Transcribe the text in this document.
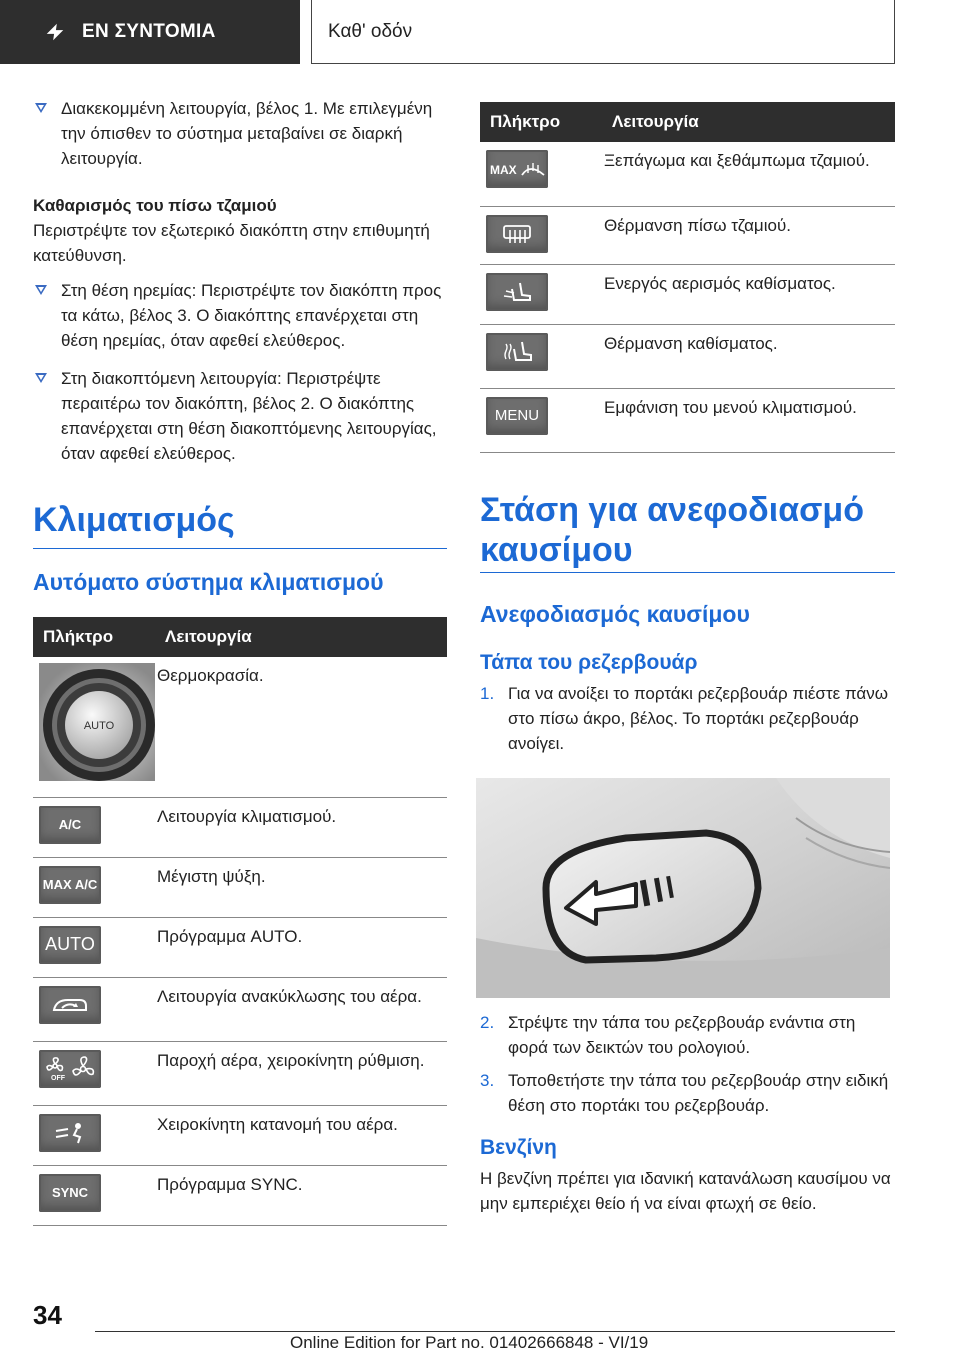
ΕΝ ΣΥΝΤΟΜΙΑ	Καθ' οδόν
Διακεκομμένη λειτουργία, βέλος 1. Με επιλεγμένη την όπισθεν το σύστημα μεταβαίνει σε διαρκή λειτουργία.
Καθαρισμός του πίσω τζαμιού

Περιστρέψτε τον εξωτερικό διακόπτη στην επιθυμητή κατεύθυνση.

Στη θέση ηρεμίας: Περιστρέψτε τον διακόπτη προς τα κάτω, βέλος 3. Ο διακόπτης επανέρχεται στη θέση ηρεμίας, όταν αφεθεί ελεύθερος.
Στη διακοπτόμενη λειτουργία: Περιστρέψτε περαιτέρω τον διακόπτη, βέλος 2. Ο διακόπτης επανέρχεται στη θέση διακοπτόμενης λειτουργίας, όταν αφεθεί ελεύθερος.
Κλιματισμός
Αυτόματο σύστημα κλιματισμού
Πλήκτρο	Λειτουργία

AUTO	Θερμοκρασία.

A/C	Λειτουργία κλιματισμού.

MAX A/C	Μέγιστη ψύξη.

AUTO	Πρόγραμμα AUTO.

	Λειτουργία ανακύκλωσης του αέρα.

OFF	Παροχή αέρα, χειροκίνητη ρύθμιση.

	Χειροκίνητη κατανομή του αέρα.

SYNC	Πρόγραμμα SYNC.
Πλήκτρο	Λειτουργία

MAX	Ξεπάγωμα και ξεθάμπωμα τζαμιού.

	Θέρμανση πίσω τζαμιού.

	Ενεργός αερισμός καθίσματος.

	Θέρμανση καθίσματος.

MENU	Εμφάνιση του μενού κλιματισμού.
Στάση για ανεφοδιασμό καυσίμου
Ανεφοδιασμός καυσίμου
Τάπα του ρεζερβουάρ
1. Για να ανοίξει το πορτάκι ρεζερβουάρ πιέστε πάνω στο πίσω άκρο, βέλος. Το πορτάκι ρεζερβουάρ ανοίγει.
2. Στρέψτε την τάπα του ρεζερβουάρ ενάντια στη φορά των δεικτών του ρολογιού.
3. Τοποθετήστε την τάπα του ρεζερβουάρ στην ειδική θέση στο πορτάκι του ρεζερβουάρ.
Βενζίνη

Η βενζίνη πρέπει για ιδανική κατανάλωση καυσίμου να μην εμπεριέχει θείο ή να είναι φτωχή σε θείο.

34
Online Edition for Part no. 01402666848 - VI/19
